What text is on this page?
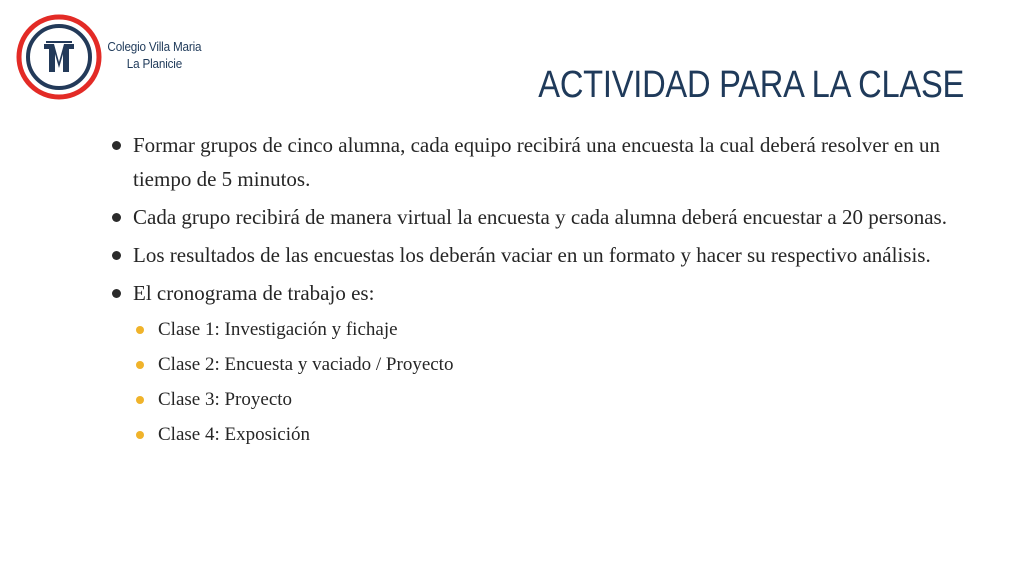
Colegio Villa Maria
La Planicie
ACTIVIDAD PARA LA CLASE
Formar grupos de cinco alumna, cada equipo recibirá una encuesta la cual deberá resolver en un tiempo de 5 minutos.
Cada grupo recibirá de manera virtual la encuesta y cada alumna deberá encuestar a 20 personas.
Los resultados de las encuestas los deberán vaciar en un formato y hacer su respectivo análisis.
El cronograma de trabajo es:
Clase 1: Investigación y fichaje
Clase 2: Encuesta y vaciado / Proyecto
Clase 3: Proyecto
Clase 4: Exposición
